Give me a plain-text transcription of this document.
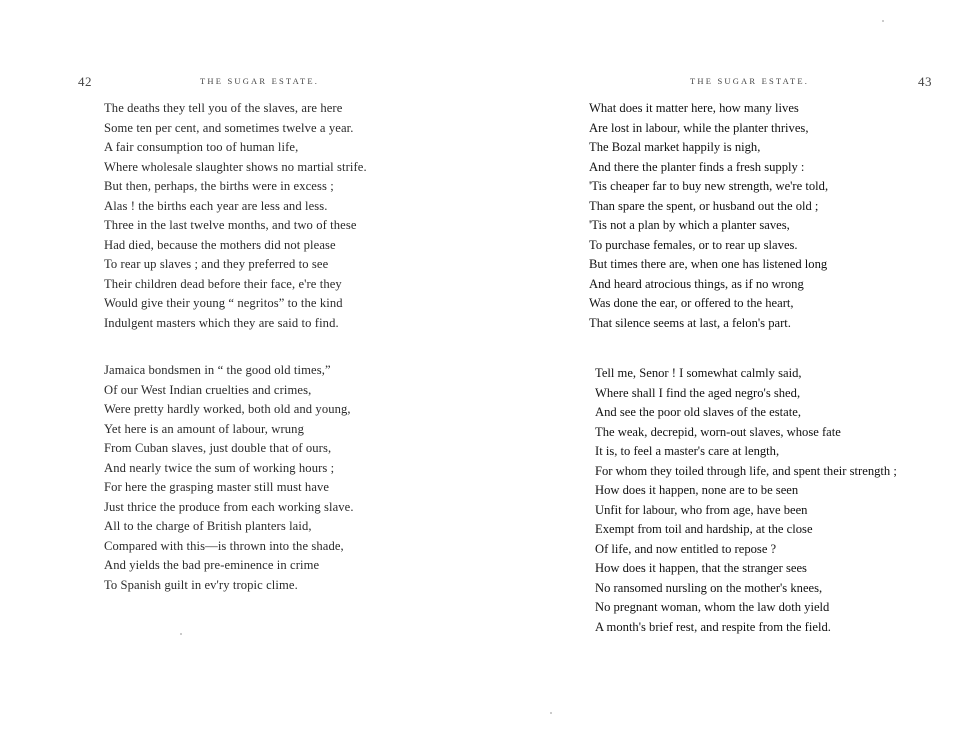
42	THE SUGAR ESTATE.
The deaths they tell you of the slaves, are here
Some ten per cent, and sometimes twelve a year.
A fair consumption too of human life,
Where wholesale slaughter shows no martial strife.
But then, perhaps, the births were in excess ;
Alas ! the births each year are less and less.
Three in the last twelve months, and two of these
Had died, because the mothers did not please
To rear up slaves ; and they preferred to see
Their children dead before their face, e're they
Would give their young “ negritos” to the kind
Indulgent masters which they are said to find.
Jamaica bondsmen in “ the good old times,”
Of our West Indian cruelties and crimes,
Were pretty hardly worked, both old and young,
Yet here is an amount of labour, wrung
From Cuban slaves, just double that of ours,
And nearly twice the sum of working hours ;
For here the grasping master still must have
Just thrice the produce from each working slave.
All to the charge of British planters laid,
Compared with this—is thrown into the shade,
And yields the bad pre-eminence in crime
To Spanish guilt in ev'ry tropic clime.
THE SUGAR ESTATE.	43
What does it matter here, how many lives
Are lost in labour, while the planter thrives,
The Bozal market happily is nigh,
And there the planter finds a fresh supply :
'Tis cheaper far to buy new strength, we're told,
Than spare the spent, or husband out the old ;
'Tis not a plan by which a planter saves,
To purchase females, or to rear up slaves.
But times there are, when one has listened long
And heard atrocious things, as if no wrong
Was done the ear, or offered to the heart,
That silence seems at last, a felon's part.
Tell me, Senor ! I somewhat calmly said,
Where shall I find the aged negro's shed,
And see the poor old slaves of the estate,
The weak, decrepid, worn-out slaves, whose fate
It is, to feel a master's care at length,
For whom they toiled through life, and spent their strength ;
How does it happen, none are to be seen
Unfit for labour, who from age, have been
Exempt from toil and hardship, at the close
Of life, and now entitled to repose ?
How does it happen, that the stranger sees
No ransomed nursling on the mother's knees,
No pregnant woman, whom the law doth yield
A month's brief rest, and respite from the field.
